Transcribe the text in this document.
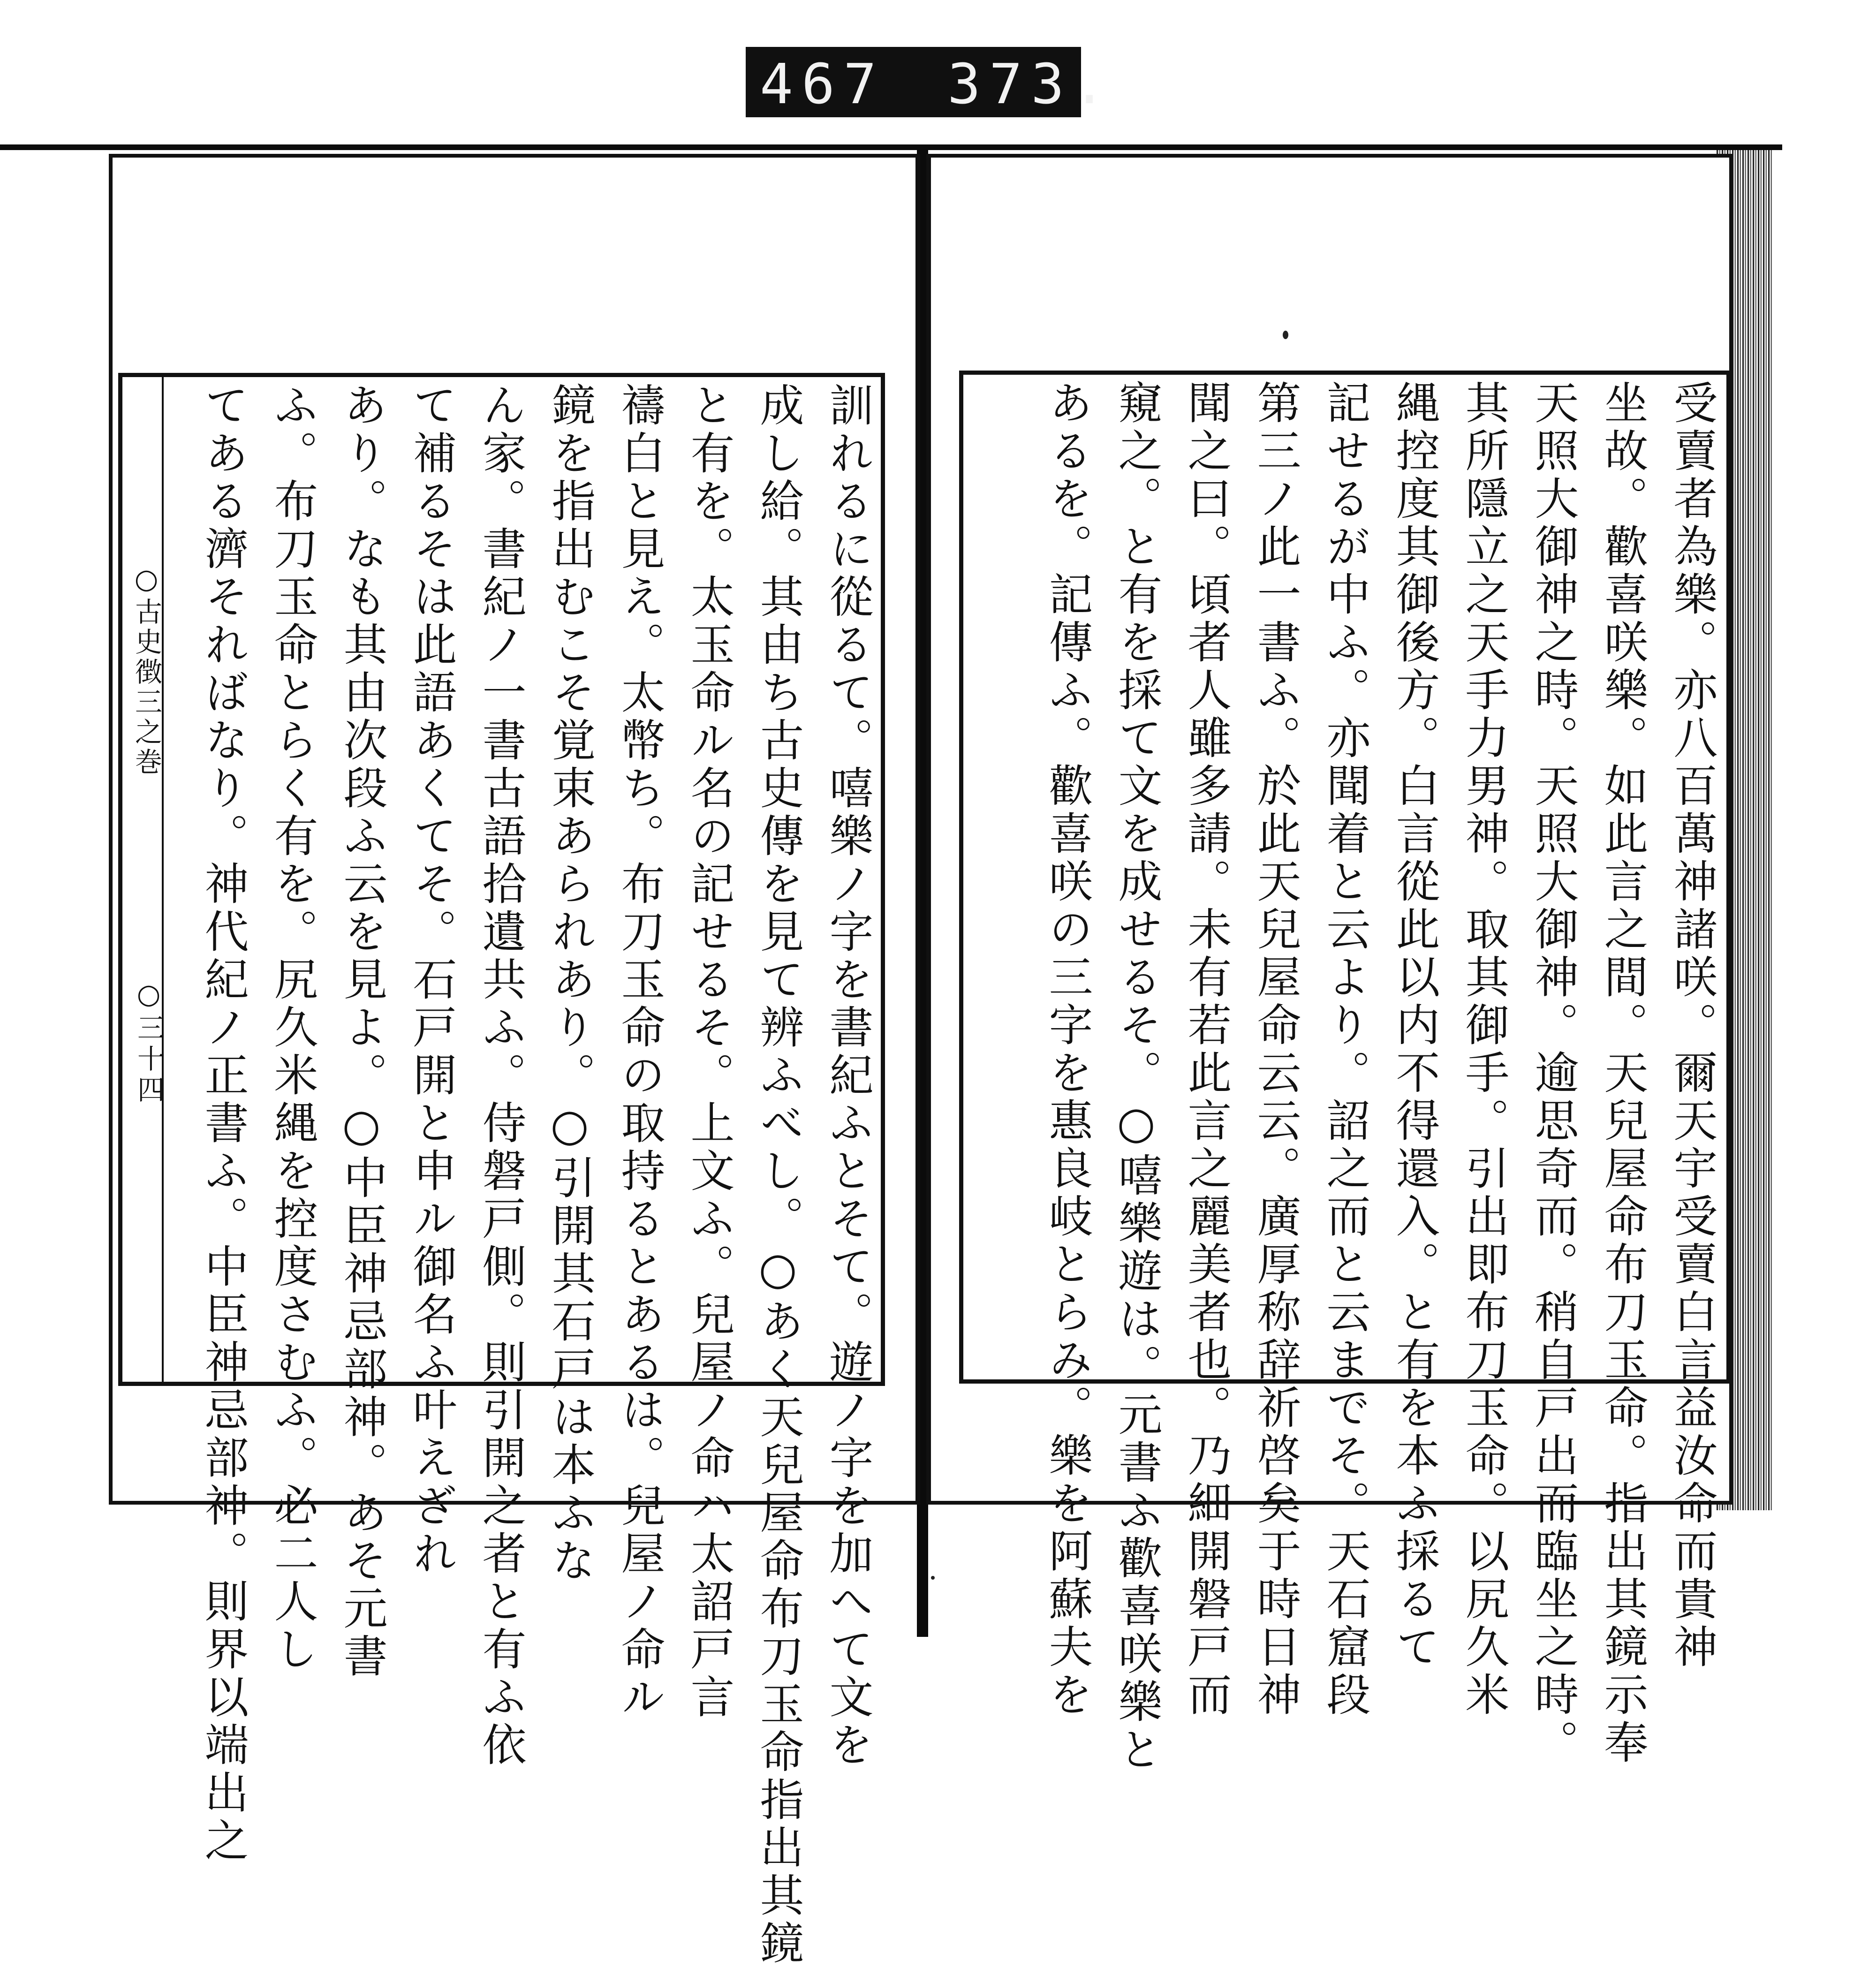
467 373.
○古史徴三之巻
○三十四	訓れるに從るて。嘻樂ノ字を書紀ふとそて。遊ノ字を加へて文を
成し給。其由ち古史傳を見て辨ふべし。○あく天兒屋命布刀玉命指出其鏡
と有を。太玉命ル名の記せるそ。上文ふ。兒屋ノ命ハ太詔戸言
禱白と見え。太幣ち。布刀玉命の取持るとあるは。兒屋ノ命ル
鏡を指出むこそ覚束あられあり。○引開其石戸は本ふな
ん家。書紀ノ一書古語拾遺共ふ。侍磐戸側。則引開之者と有ふ依
て補るそは此語あくてそ。石戸開と申ル御名ふ叶えざれ
あり。なも其由次段ふ云を見よ。○中臣神忌部神。あそ元書
ふ。布刀玉命とらく有を。尻久米縄を控度さむふ。必二人し
てある濟そればなり。神代紀ノ正書ふ。中臣神忌部神。則界以端出之	受賣者為樂。亦八百萬神諸咲。爾天宇受賣白言益汝命而貴神
坐故。歡喜咲樂。如此言之間。天兒屋命布刀玉命。指出其鏡示奉
天照大御神之時。天照大御神。逾思奇而。稍自戸出而臨坐之時。
其所隱立之天手力男神。取其御手。引出即布刀玉命。以尻久米
縄控度其御後方。白言從此以内不得還入。と有を本ふ採るて
記せるが中ふ。亦聞着と云より。詔之而と云までそ。天石窟段
第三ノ此一書ふ。於此天兒屋命云云。廣厚称辞祈啓矣于時日神
聞之曰。頃者人雖多請。未有若此言之麗美者也。乃細開磐戸而
窺之。と有を採て文を成せるそ。○嘻樂遊は。元書ふ歡喜咲樂と
あるを。記傳ふ。歡喜咲の三字を惠良岐とらみ。樂を阿蘇夫を
